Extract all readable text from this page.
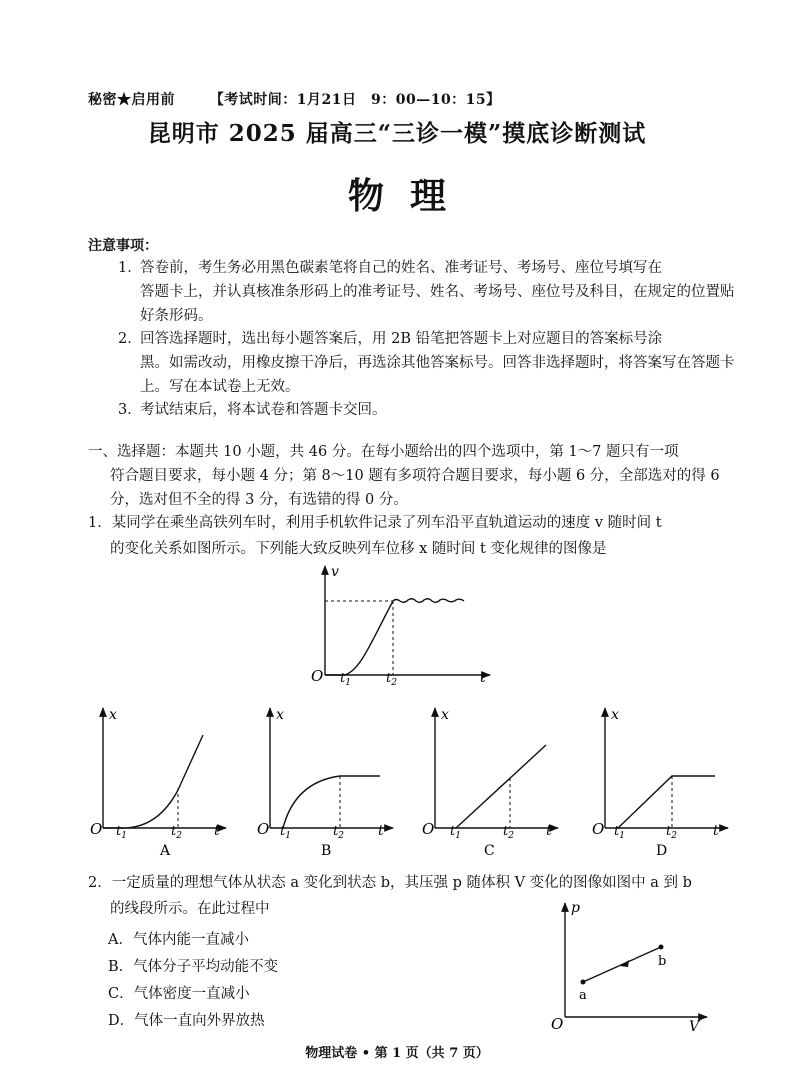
秘密★启用前 【考试时间：1月21日　9：00—10：15】
昆明市 2025 届高三“三诊一模”摸底诊断测试
物理
注意事项：
1．答卷前，考生务必用黑色碳素笔将自己的姓名、准考证号、考场号、座位号填写在
答题卡上，并认真核准条形码上的准考证号、姓名、考场号、座位号及科目，在规定的位置贴好条形码。
2．回答选择题时，选出每小题答案后，用 2B 铅笔把答题卡上对应题目的答案标号涂
黑。如需改动，用橡皮擦干净后，再选涂其他答案标号。回答非选择题时，将答案写在答题卡上。写在本试卷上无效。
3．考试结束后，将本试卷和答题卡交回。
一、选择题：本题共 10 小题，共 46 分。在每小题给出的四个选项中，第 1～7 题只有一项
符合题目要求，每小题 4 分；第 8～10 题有多项符合题目要求，每小题 6 分，全部选对的得 6 分，选对但不全的得 3 分，有选错的得 0 分。
1．某同学在乘坐高铁列车时，利用手机软件记录了列车沿平直轨道运动的速度 v 随时间 t
的变化关系如图所示。下列能大致反映列车位移 x 随时间 t 变化规律的图像是
v
O $t_1$	$t_2$	t
x
O $t_1$	$t_2$ t
A
x
O $t_1$	$t_2$ t
B
x
O $t_1$	$t_2$ t
C
x
O $t_1$	$t_2$	t
D
2．一定质量的理想气体从状态 a 变化到状态 b，其压强 p 随体积 V 变化的图像如图中 a 到 b
的线段所示。在此过程中
A．气体内能一直减小
B．气体分子平均动能不变
C．气体密度一直减小
D．气体一直向外界放热
p
O	V
a
b
物理试卷 • 第 1 页（共 7 页）
